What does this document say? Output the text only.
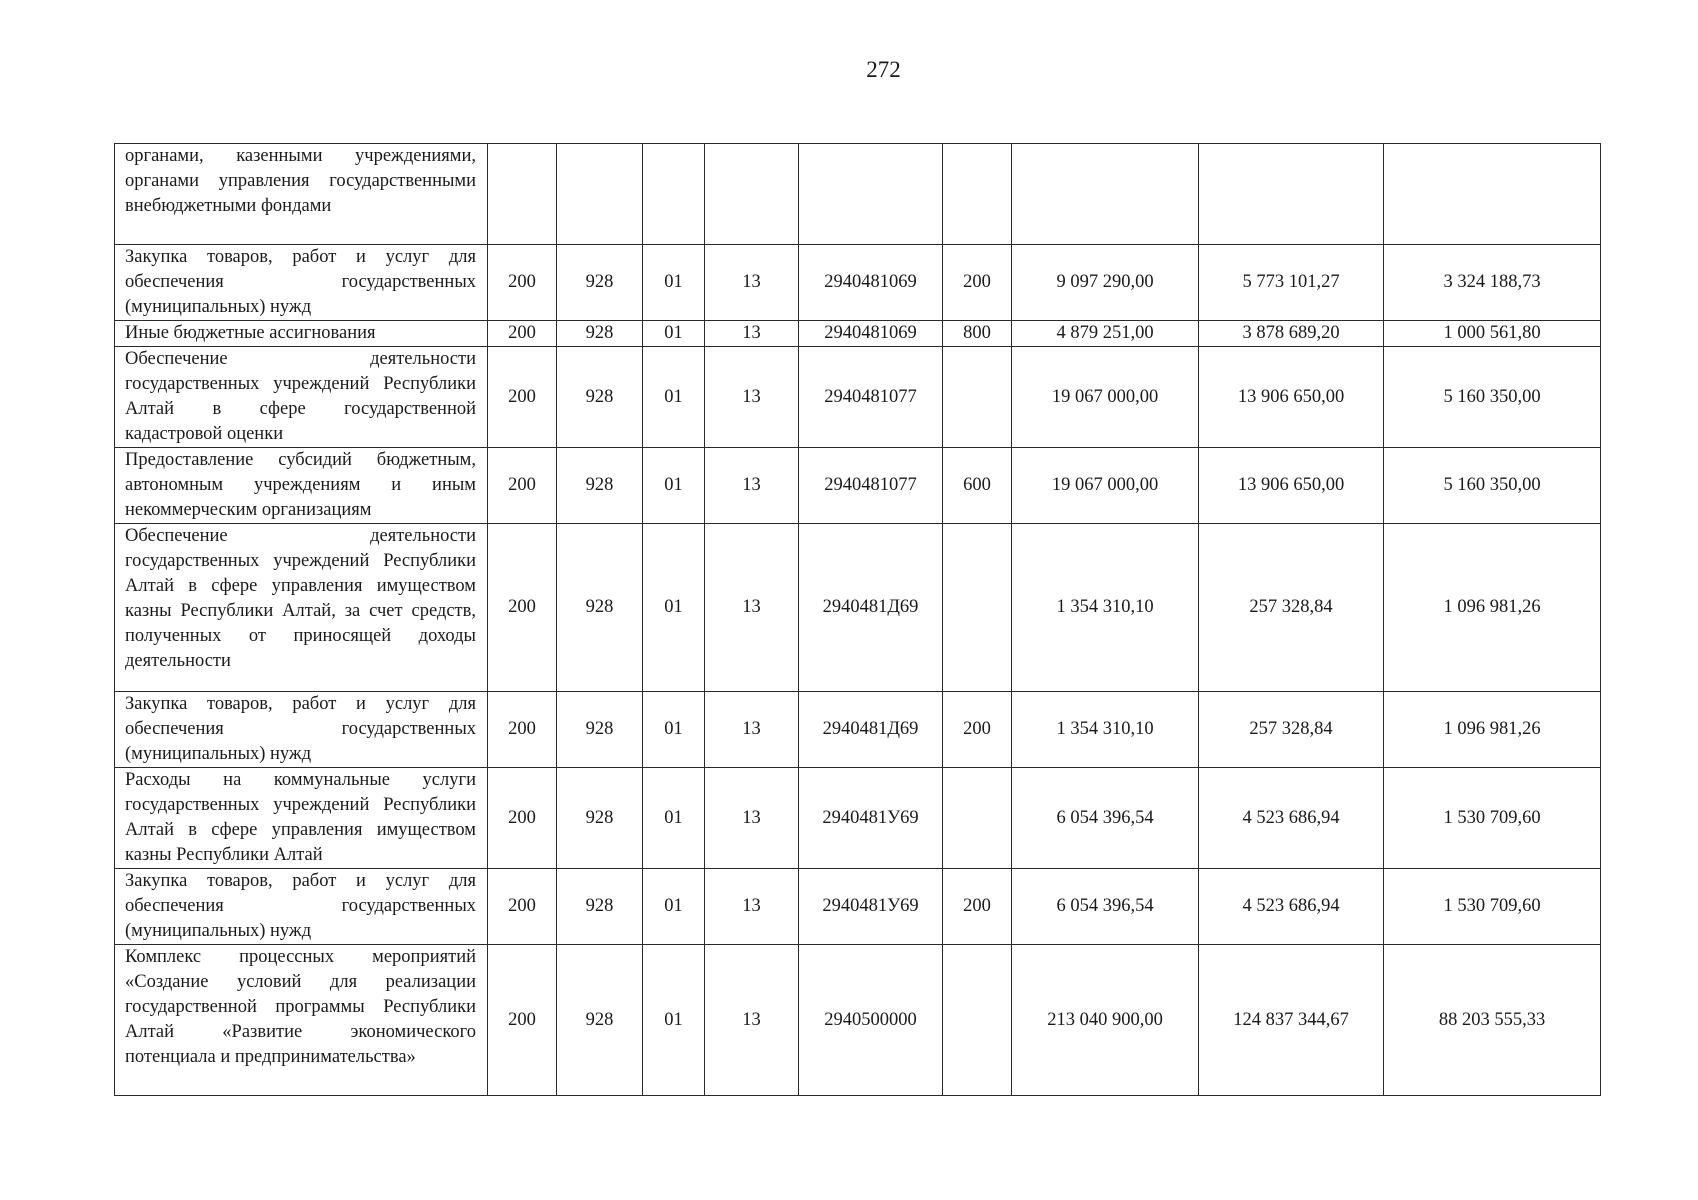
272
органами, казенными учреждениями, органами управления государственными внебюджетными фондами									
Закупка товаров, работ и услуг для обеспечения государственных (муниципальных) нужд	200	928	01	13	2940481069	200	9 097 290,00	5 773 101,27	3 324 188,73
Иные бюджетные ассигнования	200	928	01	13	2940481069	800	4 879 251,00	3 878 689,20	1 000 561,80
Обеспечение деятельности государственных учреждений Республики Алтай в сфере государственной кадастровой оценки	200	928	01	13	2940481077		19 067 000,00	13 906 650,00	5 160 350,00
Предоставление субсидий бюджетным, автономным учреждениям и иным некоммерческим организациям	200	928	01	13	2940481077	600	19 067 000,00	13 906 650,00	5 160 350,00
Обеспечение деятельности государственных учреждений Республики Алтай в сфере управления имуществом казны Республики Алтай, за счет средств, полученных от приносящей доходы деятельности	200	928	01	13	2940481Д69		1 354 310,10	257 328,84	1 096 981,26
Закупка товаров, работ и услуг для обеспечения государственных (муниципальных) нужд	200	928	01	13	2940481Д69	200	1 354 310,10	257 328,84	1 096 981,26
Расходы на коммунальные услуги государственных учреждений Республики Алтай в сфере управления имуществом казны Республики Алтай	200	928	01	13	2940481У69		6 054 396,54	4 523 686,94	1 530 709,60
Закупка товаров, работ и услуг для обеспечения государственных (муниципальных) нужд	200	928	01	13	2940481У69	200	6 054 396,54	4 523 686,94	1 530 709,60
Комплекс процессных мероприятий «Создание условий для реализации государственной программы Республики Алтай «Развитие экономического потенциала и предпринимательства»	200	928	01	13	2940500000		213 040 900,00	124 837 344,67	88 203 555,33
